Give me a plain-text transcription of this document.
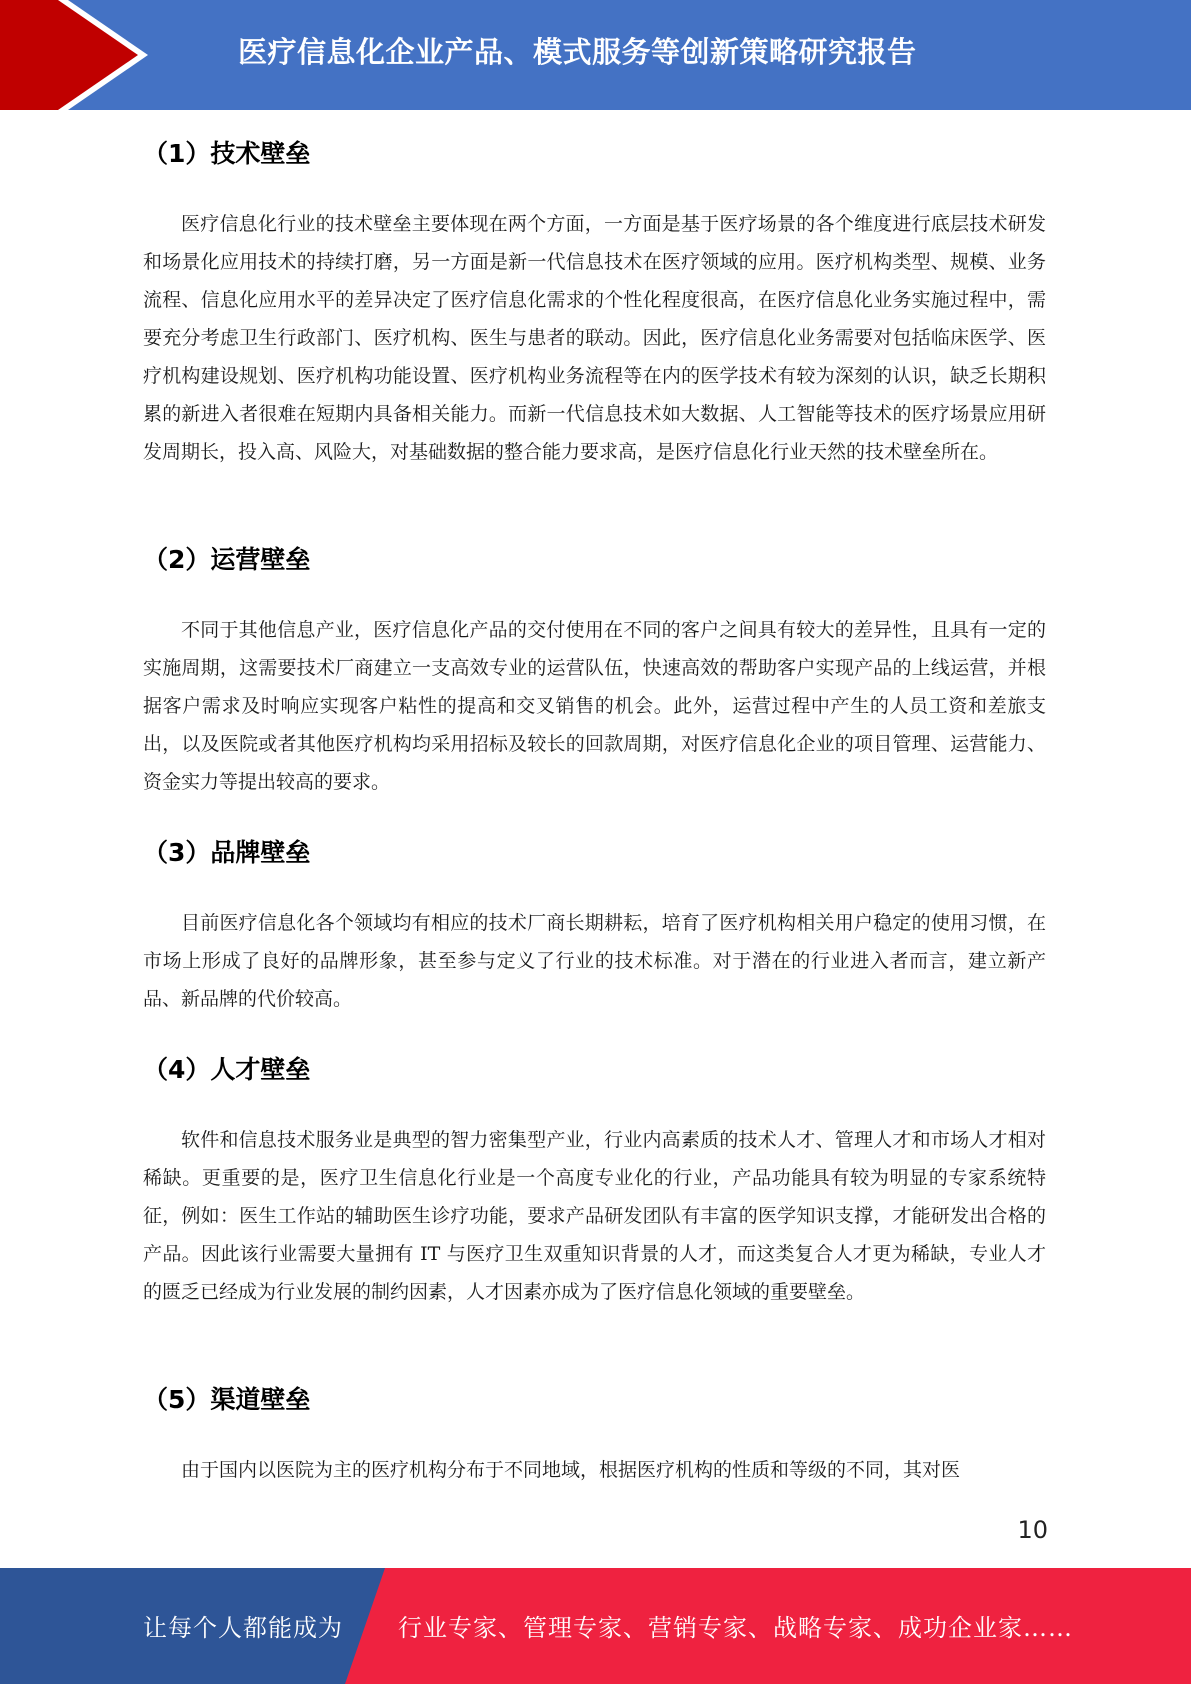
医疗信息化企业产品、模式服务等创新策略研究报告
（1）技术壁垒

医疗信息化行业的技术壁垒主要体现在两个方面，一方面是基于医疗场景的各个维度进行底层技术研发和场景化应用技术的持续打磨，另一方面是新一代信息技术在医疗领域的应用。医疗机构类型、规模、业务流程、信息化应用水平的差异决定了医疗信息化需求的个性化程度很高，在医疗信息化业务实施过程中，需要充分考虑卫生行政部门、医疗机构、医生与患者的联动。因此，医疗信息化业务需要对包括临床医学、医疗机构建设规划、医疗机构功能设置、医疗机构业务流程等在内的医学技术有较为深刻的认识，缺乏长期积累的新进入者很难在短期内具备相关能力。而新一代信息技术如大数据、人工智能等技术的医疗场景应用研发周期长，投入高、风险大，对基础数据的整合能力要求高，是医疗信息化行业天然的技术壁垒所在。

（2）运营壁垒

不同于其他信息产业，医疗信息化产品的交付使用在不同的客户之间具有较大的差异性，且具有一定的实施周期，这需要技术厂商建立一支高效专业的运营队伍，快速高效的帮助客户实现产品的上线运营，并根据客户需求及时响应实现客户粘性的提高和交叉销售的机会。此外，运营过程中产生的人员工资和差旅支出，以及医院或者其他医疗机构均采用招标及较长的回款周期，对医疗信息化企业的项目管理、运营能力、资金实力等提出较高的要求。

（3）品牌壁垒

目前医疗信息化各个领域均有相应的技术厂商长期耕耘，培育了医疗机构相关用户稳定的使用习惯，在市场上形成了良好的品牌形象，甚至参与定义了行业的技术标准。对于潜在的行业进入者而言，建立新产品、新品牌的代价较高。

（4）人才壁垒

软件和信息技术服务业是典型的智力密集型产业，行业内高素质的技术人才、管理人才和市场人才相对稀缺。更重要的是，医疗卫生信息化行业是一个高度专业化的行业，产品功能具有较为明显的专家系统特征，例如：医生工作站的辅助医生诊疗功能，要求产品研发团队有丰富的医学知识支撑，才能研发出合格的产品。因此该行业需要大量拥有 IT 与医疗卫生双重知识背景的人才，而这类复合人才更为稀缺，专业人才的匮乏已经成为行业发展的制约因素，人才因素亦成为了医疗信息化领域的重要壁垒。

（5）渠道壁垒

由于国内以医院为主的医疗机构分布于不同地域，根据医疗机构的性质和等级的不同，其对医

10
让每个人都能成为 行业专家、管理专家、营销专家、战略专家、成功企业家……
